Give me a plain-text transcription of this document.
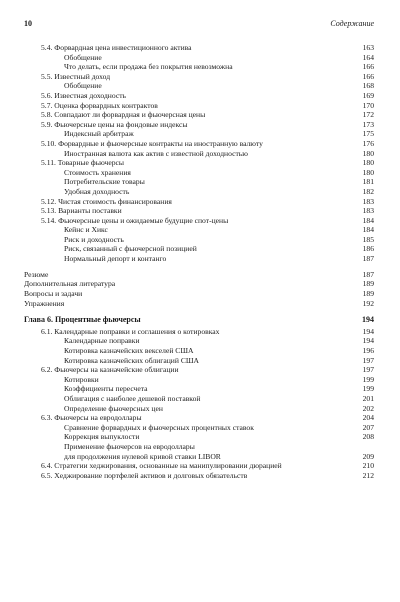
10	Содержание
5.4. Форвардная цена инвестиционного актива	163
Обобщение	164
Что делать, если продажа без покрытия невозможна	166
5.5. Известный доход	166
Обобщение	168
5.6. Известная доходность	169
5.7. Оценка форвардных контрактов	170
5.8. Совпадают ли форвардная и фьючерсная цены	172
5.9. Фьючерсные цены на фондовые индексы	173
Индексный арбитраж	175
5.10. Форвардные и фьючерсные контракты на иностранную валюту	176
Иностранная валюта как актив с известной доходностью	180
5.11. Товарные фьючерсы	180
Стоимость хранения	180
Потребительские товары	181
Удобная доходность	182
5.12. Чистая стоимость финансирования	183
5.13. Варианты поставки	183
5.14. Фьючерсные цены и ожидаемые будущие спот-цены	184
Кейнс и Хикс	184
Риск и доходность	185
Риск, связанный с фьючерсной позицией	186
Нормальный депорт и контанго	187
Резюме	187
Дополнительная литература	189
Вопросы и задачи	189
Упражнения	192
Глава 6. Процентные фьючерсы	194
6.1. Календарные поправки и соглашения о котировках	194
Календарные поправки	194
Котировка казначейских векселей США	196
Котировка казначейских облигаций США	197
6.2. Фьючерсы на казначейские облигации	197
Котировки	199
Коэффициенты пересчета	199
Облигация с наиболее дешевой поставкой	201
Определение фьючерсных цен	202
6.3. Фьючерсы на евродоллары	204
Сравнение форвардных и фьючерсных процентных ставок	207
Коррекция выпуклости	208
Применение фьючерсов на евродоллары
для продолжения нулевой кривой ставки LIBOR	209
6.4. Стратегии хеджирования, основанные на манипулировании дюрацией	210
6.5. Хеджирование портфелей активов и долговых обязательств	212
